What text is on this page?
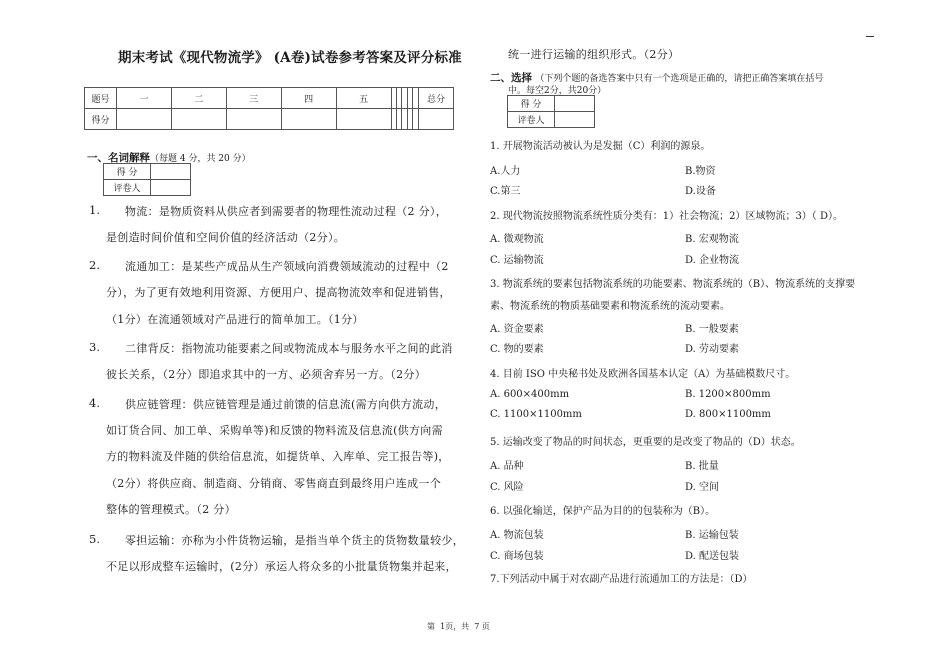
期末考试《现代物流学》 (A卷)试卷参考答案及评分标准
题号	一	二	三	四	五						总分
得分											
一、名词解释（每题 4 分，共 20 分）
得 分	
评卷人	
1. 物流：是物质资料从供应者到需要者的物理性流动过程（2 分），
是创造时间价值和空间价值的经济活动（2分）。
2. 流通加工：是某些产成品从生产领域向消费领域流动的过程中（2
分），为了更有效地利用资源、方便用户、提高物流效率和促进销售，
（1分）在流通领域对产品进行的简单加工。（1分）
3. 二律背反：指物流功能要素之间或物流成本与服务水平之间的此消
彼长关系，（2分）即追求其中的一方、必须舍弃另一方。（2分）
4. 供应链管理：供应链管理是通过前馈的信息流(需方向供方流动，
如订货合同、加工单、采购单等)和反馈的物料流及信息流(供方向需
方的物料流及伴随的供给信息流，如提货单、入库单、完工报告等)，
（2分）将供应商、制造商、分销商、零售商直到最终用户连成一个
整体的管理模式。（2 分）
5. 零担运输：亦称为小件货物运输，是指当单个货主的货物数量较少，
不足以形成整车运输时，(2分）承运人将众多的小批量货物集并起来，
统一进行运输的组织形式。（2分）
二、选择 （下列个题的备选答案中只有一个选项是正确的，请把正确答案填在括号
中。每空2分，共20分）
得 分	
评卷人	
1. 开展物流活动被认为是发掘（C）利润的源泉。
A.人力	B.物资
C.第三	D.设备
2. 现代物流按照物流系统性质分类有：1）社会物流；2）区域物流；3）（ D）。
A. 微观物流	B. 宏观物流
C. 运输物流	D. 企业物流
3. 物流系统的要素包括物流系统的功能要素、物流系统的（B）、物流系统的支撑要
素、物流系统的物质基础要素和物流系统的流动要素。
A. 资金要素	B. 一般要素
C. 物的要素	D. 劳动要素
4. 目前 ISO 中央秘书处及欧洲各国基本认定（A）为基础模数尺寸。
A. 600×400mm	B. 1200×800mm
C. 1100×1100mm	D. 800×1100mm
5. 运输改变了物品的时间状态，更重要的是改变了物品的（D）状态。
A. 品种	B. 批量
C. 风险	D. 空间
6. 以强化输送，保护产品为目的的包装称为（B）。
A. 物流包装	B. 运输包装
C. 商场包装	D. 配送包装
7.下列活动中属于对农副产品进行流通加工的方法是：（D）
第  1页，共  7 页
